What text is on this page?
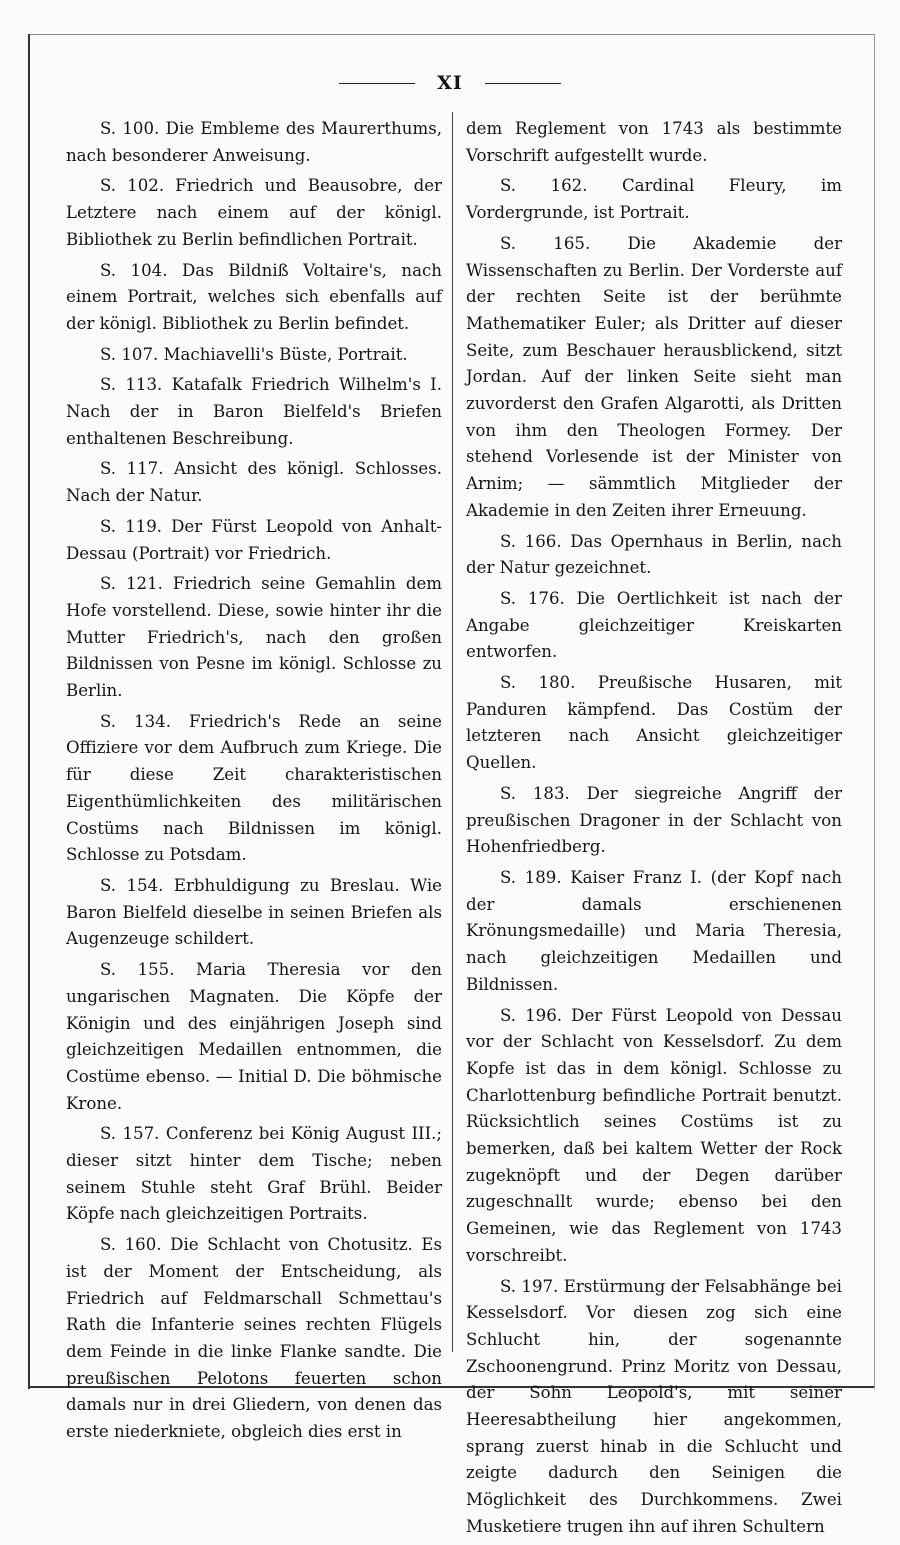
XI

S. 100. Die Embleme des Maurerthums, nach besonderer Anweisung.

S. 102. Friedrich und Beausobre, der Letztere nach einem auf der königl. Bibliothek zu Berlin befindlichen Portrait.

S. 104. Das Bildniß Voltaire's, nach einem Portrait, welches sich ebenfalls auf der königl. Bibliothek zu Berlin befindet.

S. 107. Machiavelli's Büste, Portrait.

S. 113. Katafalk Friedrich Wilhelm's I. Nach der in Baron Bielfeld's Briefen enthaltenen Beschreibung.

S. 117. Ansicht des königl. Schlosses. Nach der Natur.

S. 119. Der Fürst Leopold von Anhalt-Dessau (Portrait) vor Friedrich.

S. 121. Friedrich seine Gemahlin dem Hofe vorstellend. Diese, sowie hinter ihr die Mutter Friedrich's, nach den großen Bildnissen von Pesne im königl. Schlosse zu Berlin.

S. 134. Friedrich's Rede an seine Offiziere vor dem Aufbruch zum Kriege. Die für diese Zeit charakteristischen Eigenthümlichkeiten des militärischen Costüms nach Bildnissen im königl. Schlosse zu Potsdam.

S. 154. Erbhuldigung zu Breslau. Wie Baron Bielfeld dieselbe in seinen Briefen als Augenzeuge schildert.

S. 155. Maria Theresia vor den ungarischen Magnaten. Die Köpfe der Königin und des einjährigen Joseph sind gleichzeitigen Medaillen entnommen, die Costüme ebenso. — Initial D. Die böhmische Krone.

S. 157. Conferenz bei König August III.; dieser sitzt hinter dem Tische; neben seinem Stuhle steht Graf Brühl. Beider Köpfe nach gleichzeitigen Portraits.

S. 160. Die Schlacht von Chotusitz. Es ist der Moment der Entscheidung, als Friedrich auf Feldmarschall Schmettau's Rath die Infanterie seines rechten Flügels dem Feinde in die linke Flanke sandte. Die preußischen Pelotons feuerten schon damals nur in drei Gliedern, von denen das erste niederkniete, obgleich dies erst in

dem Reglement von 1743 als bestimmte Vorschrift aufgestellt wurde.

S. 162. Cardinal Fleury, im Vordergrunde, ist Portrait.

S. 165. Die Akademie der Wissenschaften zu Berlin. Der Vorderste auf der rechten Seite ist der berühmte Mathematiker Euler; als Dritter auf dieser Seite, zum Beschauer herausblickend, sitzt Jordan. Auf der linken Seite sieht man zuvorderst den Grafen Algarotti, als Dritten von ihm den Theologen Formey. Der stehend Vorlesende ist der Minister von Arnim; — sämmtlich Mitglieder der Akademie in den Zeiten ihrer Erneuung.

S. 166. Das Opernhaus in Berlin, nach der Natur gezeichnet.

S. 176. Die Oertlichkeit ist nach der Angabe gleichzeitiger Kreiskarten entworfen.

S. 180. Preußische Husaren, mit Panduren kämpfend. Das Costüm der letzteren nach Ansicht gleichzeitiger Quellen.

S. 183. Der siegreiche Angriff der preußischen Dragoner in der Schlacht von Hohenfriedberg.

S. 189. Kaiser Franz I. (der Kopf nach der damals erschienenen Krönungsmedaille) und Maria Theresia, nach gleichzeitigen Medaillen und Bildnissen.

S. 196. Der Fürst Leopold von Dessau vor der Schlacht von Kesselsdorf. Zu dem Kopfe ist das in dem königl. Schlosse zu Charlottenburg befindliche Portrait benutzt. Rücksichtlich seines Costüms ist zu bemerken, daß bei kaltem Wetter der Rock zugeknöpft und der Degen darüber zugeschnallt wurde; ebenso bei den Gemeinen, wie das Reglement von 1743 vorschreibt.

S. 197. Erstürmung der Felsabhänge bei Kesselsdorf. Vor diesen zog sich eine Schlucht hin, der sogenannte Zschoonengrund. Prinz Moritz von Dessau, der Sohn Leopold's, mit seiner Heeresabtheilung hier angekommen, sprang zuerst hinab in die Schlucht und zeigte dadurch den Seinigen die Möglichkeit des Durchkommens. Zwei Musketiere trugen ihn auf ihren Schultern
